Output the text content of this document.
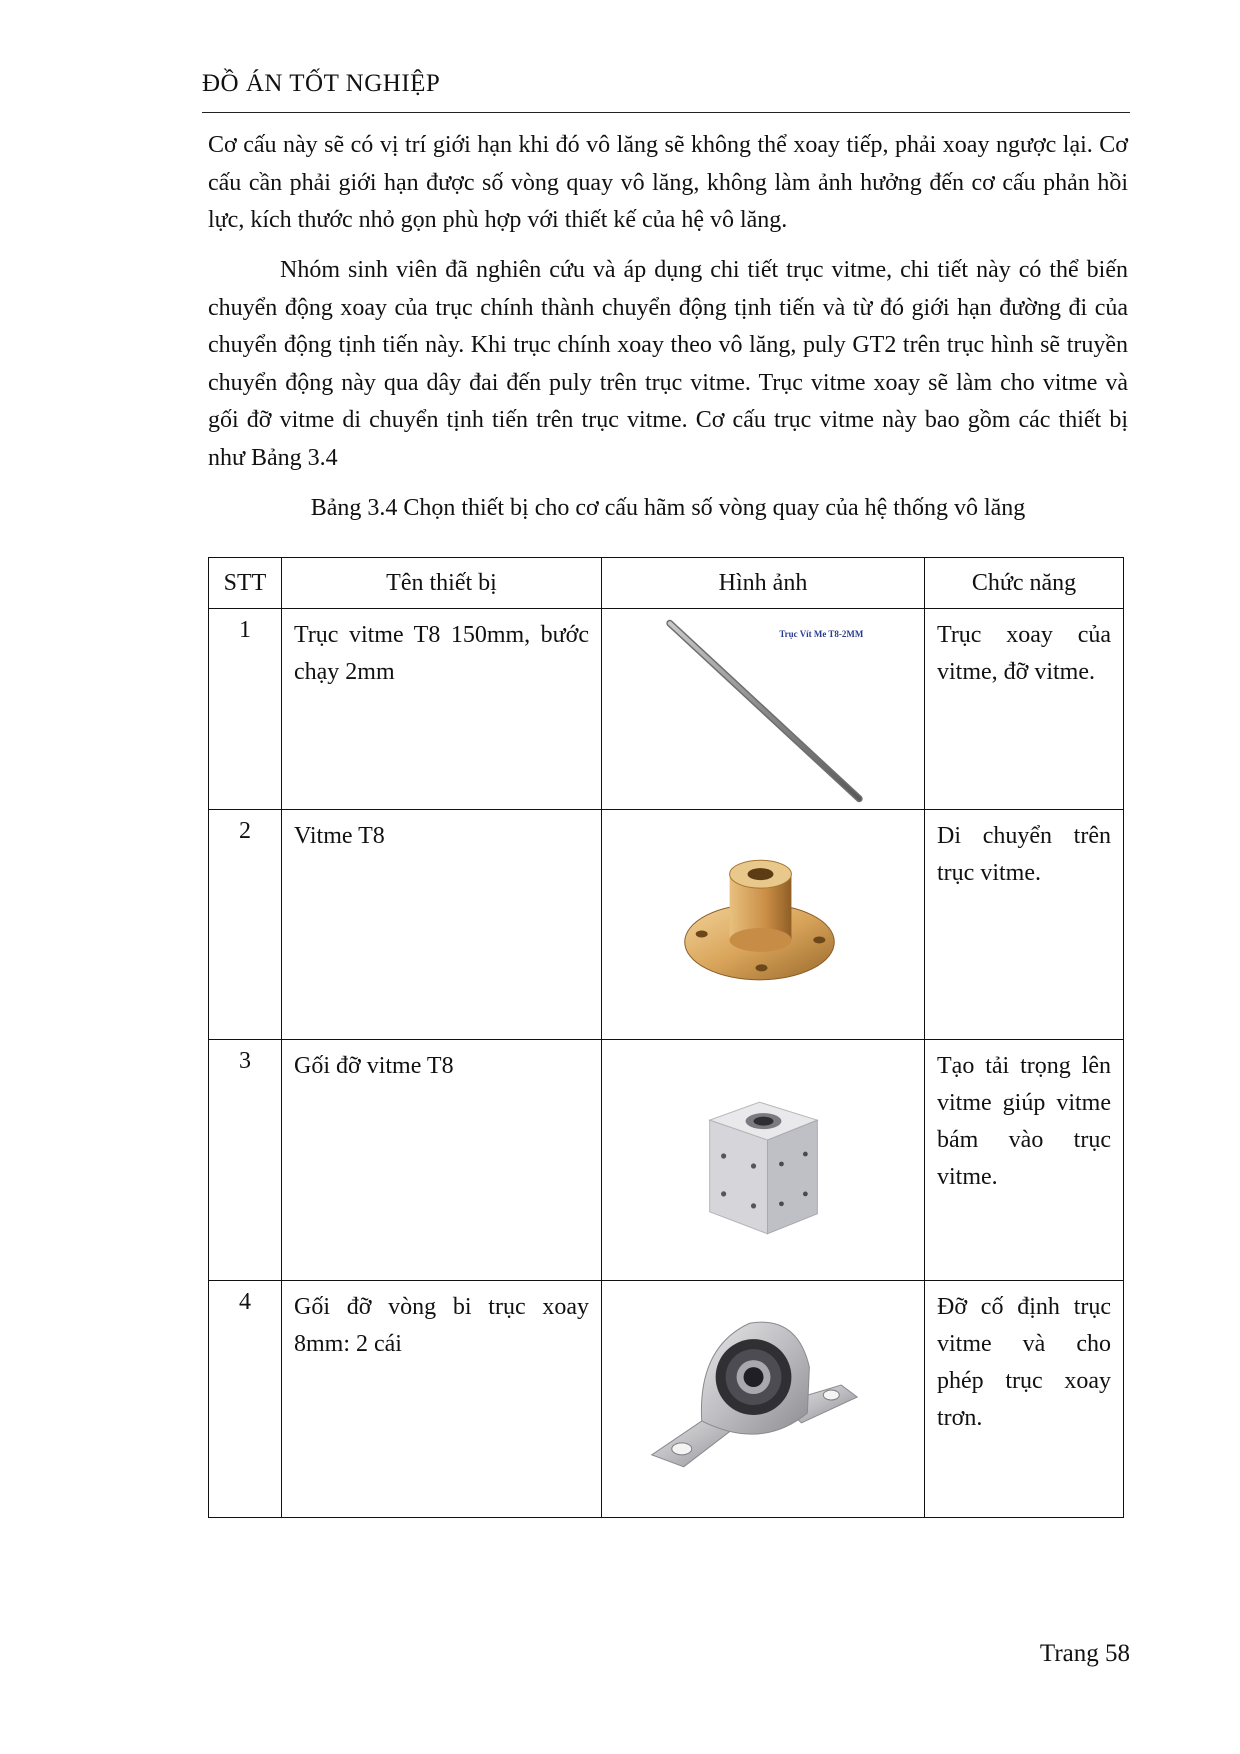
ĐỒ ÁN TỐT NGHIỆP

Cơ cấu này sẽ có vị trí giới hạn khi đó vô lăng sẽ không thể xoay tiếp, phải xoay ngược lại. Cơ cấu cần phải giới hạn được số vòng quay vô lăng, không làm ảnh hưởng đến cơ cấu phản hồi lực, kích thước nhỏ gọn phù hợp với thiết kế của hệ vô lăng.

Nhóm sinh viên đã nghiên cứu và áp dụng chi tiết trục vitme, chi tiết này có thể biến chuyển động xoay của trục chính thành chuyển động tịnh tiến và từ đó giới hạn đường đi của chuyển động tịnh tiến này. Khi trục chính xoay theo vô lăng, puly GT2 trên trục hình sẽ truyền chuyển động này qua dây đai đến puly trên trục vitme. Trục vitme xoay sẽ làm cho vitme và gối đỡ vitme di chuyển tịnh tiến trên trục vitme. Cơ cấu trục vitme này bao gồm các thiết bị như Bảng 3.4

Bảng 3.4 Chọn thiết bị cho cơ cấu hãm số vòng quay của hệ thống vô lăng
STT	Tên thiết bị	Hình ảnh	Chức năng
1	Trục vitme T8 150mm, bước chạy 2mm	Trục Vít Me T8-2MM	Trục xoay của vitme, đỡ vitme.
2	Vitme T8		Di chuyển trên trục vitme.
3	Gối đỡ vitme T8		Tạo tải trọng lên vitme giúp vitme bám vào trục vitme.
4	Gối đỡ vòng bi trục xoay 8mm: 2 cái		Đỡ cố định trục vitme và cho phép trục xoay trơn.
Trang 58
